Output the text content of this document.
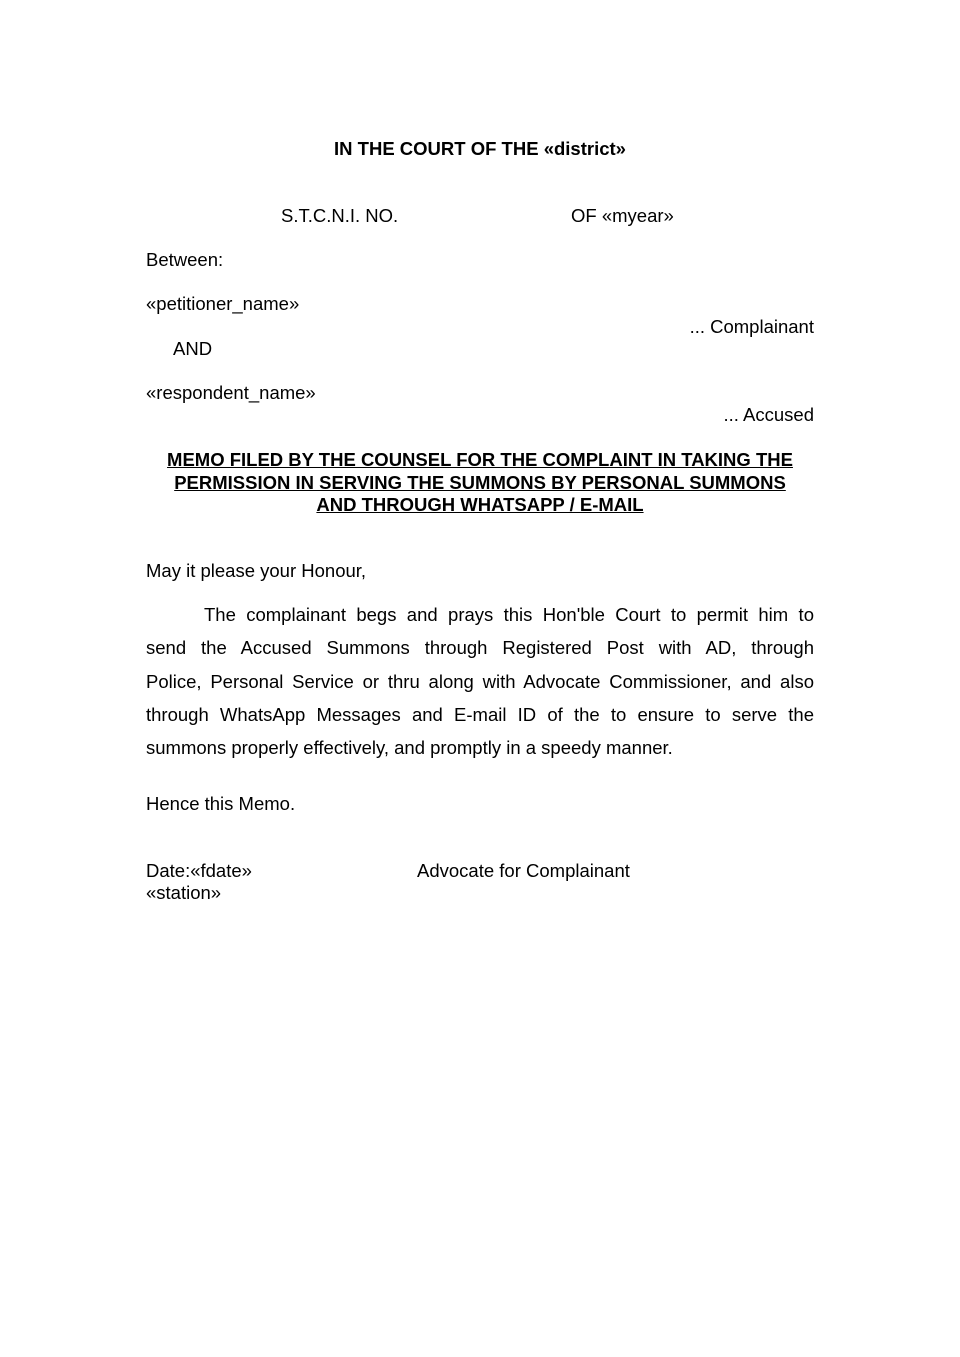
IN THE COURT OF THE «district»
S.T.C.N.I. NO.	OF «myear»
Between:
«petitioner_name»
... Complainant
AND
«respondent_name»
... Accused
MEMO FILED BY THE COUNSEL FOR THE COMPLAINT IN TAKING THE
PERMISSION IN SERVING THE SUMMONS BY PERSONAL SUMMONS
AND THROUGH WHATSAPP / E-MAIL
May it please your Honour,
The complainant begs and prays this Hon'ble Court to permit him to
send the Accused Summons through Registered Post with AD, through
Police, Personal Service or thru along with Advocate Commissioner, and also
through WhatsApp Messages and E-mail ID of the to ensure to serve the
summons properly effectively, and promptly in a speedy manner.
Hence this Memo.
Date:«fdate»	Advocate for Complainant
«station»
